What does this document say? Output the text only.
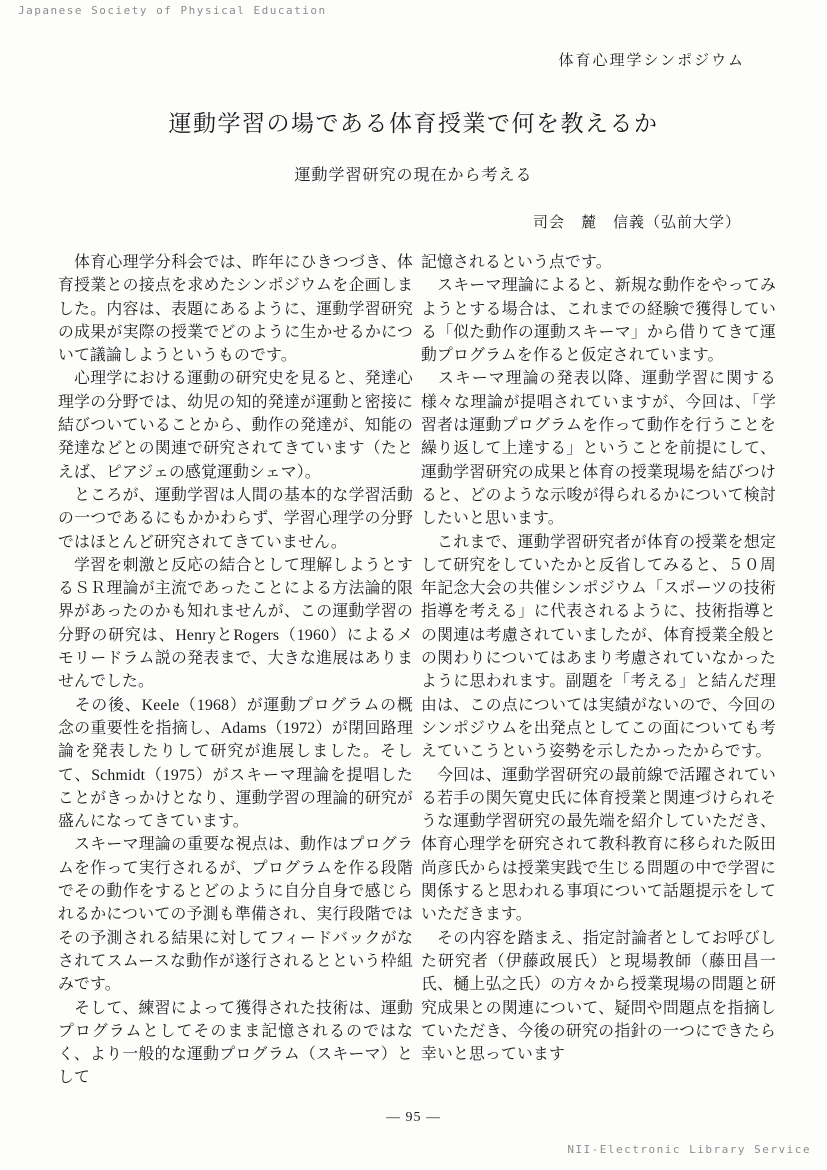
Japanese Society of Physical Education
体育心理学シンポジウム
運動学習の場である体育授業で何を教えるか
運動学習研究の現在から考える
司会　麓　信義（弘前大学）

　体育心理学分科会では、昨年にひきつづき、体育授業との接点を求めたシンポジウムを企画しました。内容は、表題にあるように、運動学習研究の成果が実際の授業でどのように生かせるかについて議論しようというものです。

　心理学における運動の研究史を見ると、発達心理学の分野では、幼児の知的発達が運動と密接に結びついていることから、動作の発達が、知能の発達などとの関連で研究されてきています（たとえば、ピアジェの感覚運動シェマ）。

　ところが、運動学習は人間の基本的な学習活動の一つであるにもかかわらず、学習心理学の分野ではほとんど研究されてきていません。

　学習を刺激と反応の結合として理解しようとするＳＲ理論が主流であったことによる方法論的限界があったのかも知れませんが、この運動学習の分野の研究は、HenryとRogers（1960）によるメモリードラム説の発表まで、大きな進展はありませんでした。

　その後、Keele（1968）が運動プログラムの概念の重要性を指摘し、Adams（1972）が閉回路理論を発表したりして研究が進展しました。そして、Schmidt（1975）がスキーマ理論を提唱したことがきっかけとなり、運動学習の理論的研究が盛んになってきています。

　スキーマ理論の重要な視点は、動作はプログラムを作って実行されるが、プログラムを作る段階でその動作をするとどのように自分自身で感じられるかについての予測も準備され、実行段階ではその予測される結果に対してフィードバックがなされてスムースな動作が遂行されるとという枠組みです。

　そして、練習によって獲得された技術は、運動プログラムとしてそのまま記憶されるのではなく、より一般的な運動プログラム（スキーマ）として

記憶されるという点です。

　スキーマ理論によると、新規な動作をやってみようとする場合は、これまでの経験で獲得している「似た動作の運動スキーマ」から借りてきて運動プログラムを作ると仮定されています。

　スキーマ理論の発表以降、運動学習に関する様々な理論が提唱されていますが、今回は、「学習者は運動プログラムを作って動作を行うことを繰り返して上達する」ということを前提にして、運動学習研究の成果と体育の授業現場を結びつけると、どのような示唆が得られるかについて検討したいと思います。

　これまで、運動学習研究者が体育の授業を想定して研究をしていたかと反省してみると、５０周年記念大会の共催シンポジウム「スポーツの技術指導を考える」に代表されるように、技術指導との関連は考慮されていましたが、体育授業全般との関わりについてはあまり考慮されていなかったように思われます。副題を「考える」と結んだ理由は、この点については実績がないので、今回のシンポジウムを出発点としてこの面についても考えていこうという姿勢を示したかったからです。

　今回は、運動学習研究の最前線で活躍されている若手の関矢寛史氏に体育授業と関連づけられそうな運動学習研究の最先端を紹介していただき、体育心理学を研究されて教科教育に移られた阪田尚彦氏からは授業実践で生じる問題の中で学習に関係すると思われる事項について話題提示をしていただきます。

　その内容を踏まえ、指定討論者としてお呼びした研究者（伊藤政展氏）と現場教師（藤田昌一氏、樋上弘之氏）の方々から授業現場の問題と研究成果との関連について、疑問や問題点を指摘していただき、今後の研究の指針の一つにできたら幸いと思っています

— 95 —
NII-Electronic Library Service
